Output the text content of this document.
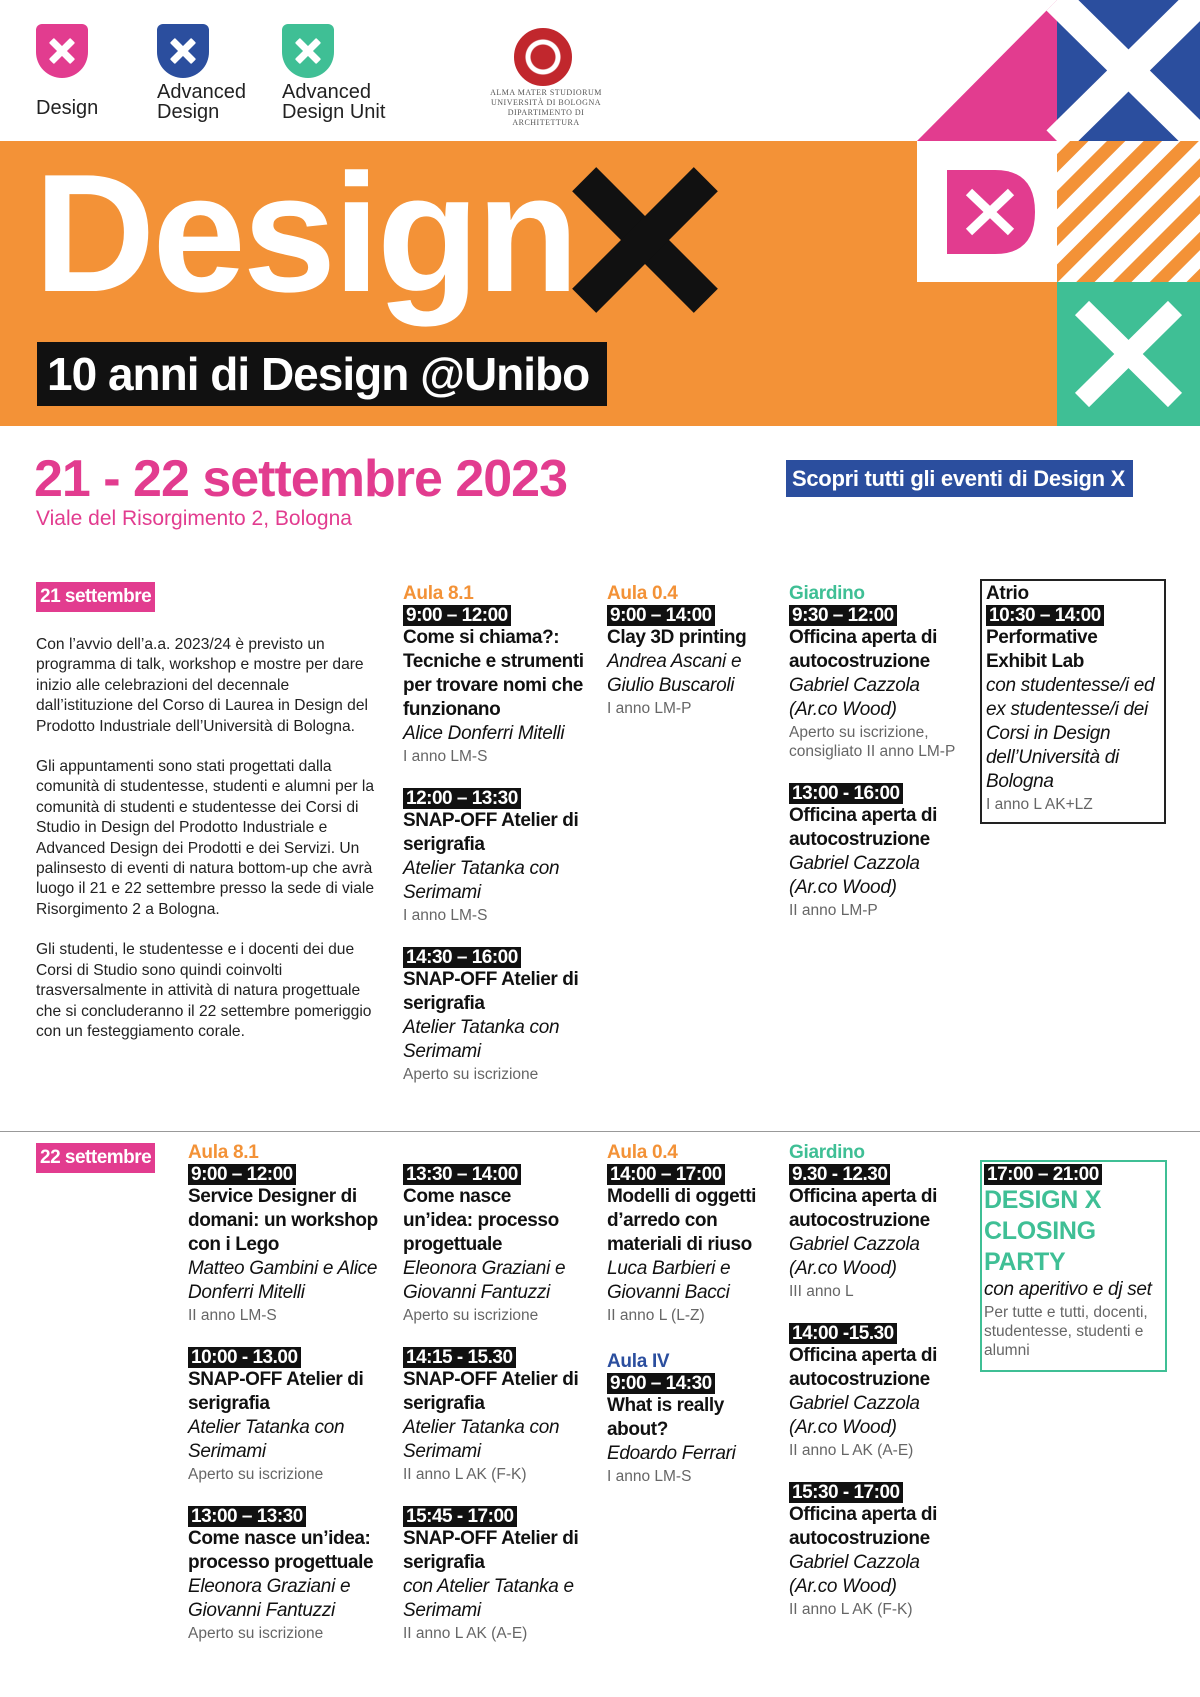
Design
Advanced
Design
Advanced
Design Unit
ALMA MATER STUDIORUM
UNIVERSITÀ DI BOLOGNA
DIPARTIMENTO DI ARCHITETTURA
Design
10 anni di Design @Unibo
21 - 22 settembre 2023
Viale del Risorgimento 2, Bologna
Scopri tutti gli eventi di Design X
21 settembre

Con l’avvio dell’a.a. 2023/24 è previsto un programma di talk, workshop e mostre per dare inizio alle celebrazioni del decennale dall’istituzione del Corso di Laurea in Design del Prodotto Industriale dell’Università di Bologna.

Gli appuntamenti sono stati progettati dalla comunità di studentesse, studenti e alumni per la comunità di studenti e studentesse dei Corsi di Studio in Design del Prodotto Industriale e Advanced Design dei Prodotti e dei Servizi. Un palinsesto di eventi di natura bottom-up che avrà luogo il 21 e 22 settembre presso la sede di viale Risorgimento 2 a Bologna.

Gli studenti, le studentesse e i docenti dei due Corsi di Studio sono quindi coinvolti trasversalmente in attività di natura progettuale che si concluderanno il 22 settembre pomeriggio con un festeggiamento corale.

Aula 8.1
9:00 – 12:00
Come si chiama?: Tecniche e strumenti per trovare nomi che funzionano
Alice Donferri Mitelli
I anno LM-S
12:00 – 13:30
SNAP-OFF Atelier di serigrafia
Atelier Tatanka con Serimami
I anno LM-S
14:30 – 16:00
SNAP-OFF Atelier di serigrafia
Atelier Tatanka con Serimami
Aperto su iscrizione
Aula 0.4
9:00 – 14:00
Clay 3D printing
Andrea Ascani e Giulio Buscaroli
I anno LM-P
Giardino
9:30 – 12:00
Officina aperta di autocostruzione
Gabriel Cazzola (Ar.co Wood)
Aperto su iscrizione, consigliato II anno LM-P
13:00 - 16:00
Officina aperta di autocostruzione
Gabriel Cazzola (Ar.co Wood)
II anno LM-P
Atrio
10:30 – 14:00
Performative Exhibit Lab
con studentesse/i ed ex studentesse/i dei Corsi in Design dell’Università di Bologna
I anno L AK+LZ
22 settembre Aula 8.1
9:00 – 12:00
Service Designer di domani: un workshop con i Lego
Matteo Gambini e Alice Donferri Mitelli
II anno LM-S
10:00 - 13.00
SNAP-OFF Atelier di serigrafia
Atelier Tatanka con Serimami
Aperto su iscrizione
13:00 – 13:30
Come nasce un’idea: processo progettuale
Eleonora Graziani e Giovanni Fantuzzi
Aperto su iscrizione
13:30 – 14:00
Come nasce un’idea: processo progettuale
Eleonora Graziani e Giovanni Fantuzzi
Aperto su iscrizione
14:15 - 15.30
SNAP-OFF Atelier di serigrafia
Atelier Tatanka con Serimami
II anno L AK (F-K)
15:45 - 17:00
SNAP-OFF Atelier di serigrafia
con Atelier Tatanka e Serimami
II anno L AK (A-E)
Aula 0.4
14:00 – 17:00
Modelli di oggetti d’arredo con materiali di riuso
Luca Barbieri e Giovanni Bacci
II anno L (L-Z)
Aula IV
9:00 – 14:30
What is really about?
Edoardo Ferrari
I anno LM-S
Giardino
9.30 - 12.30
Officina aperta di autocostruzione
Gabriel Cazzola (Ar.co Wood)
III anno L
14:00 -15.30
Officina aperta di autocostruzione
Gabriel Cazzola (Ar.co Wood)
II anno L AK (A-E)
15:30 - 17:00
Officina aperta di autocostruzione
Gabriel Cazzola (Ar.co Wood)
II anno L AK (F-K)
17:00 – 21:00
DESIGN X CLOSING PARTY
con aperitivo e dj set
Per tutte e tutti, docenti, studentesse, studenti e alumni
